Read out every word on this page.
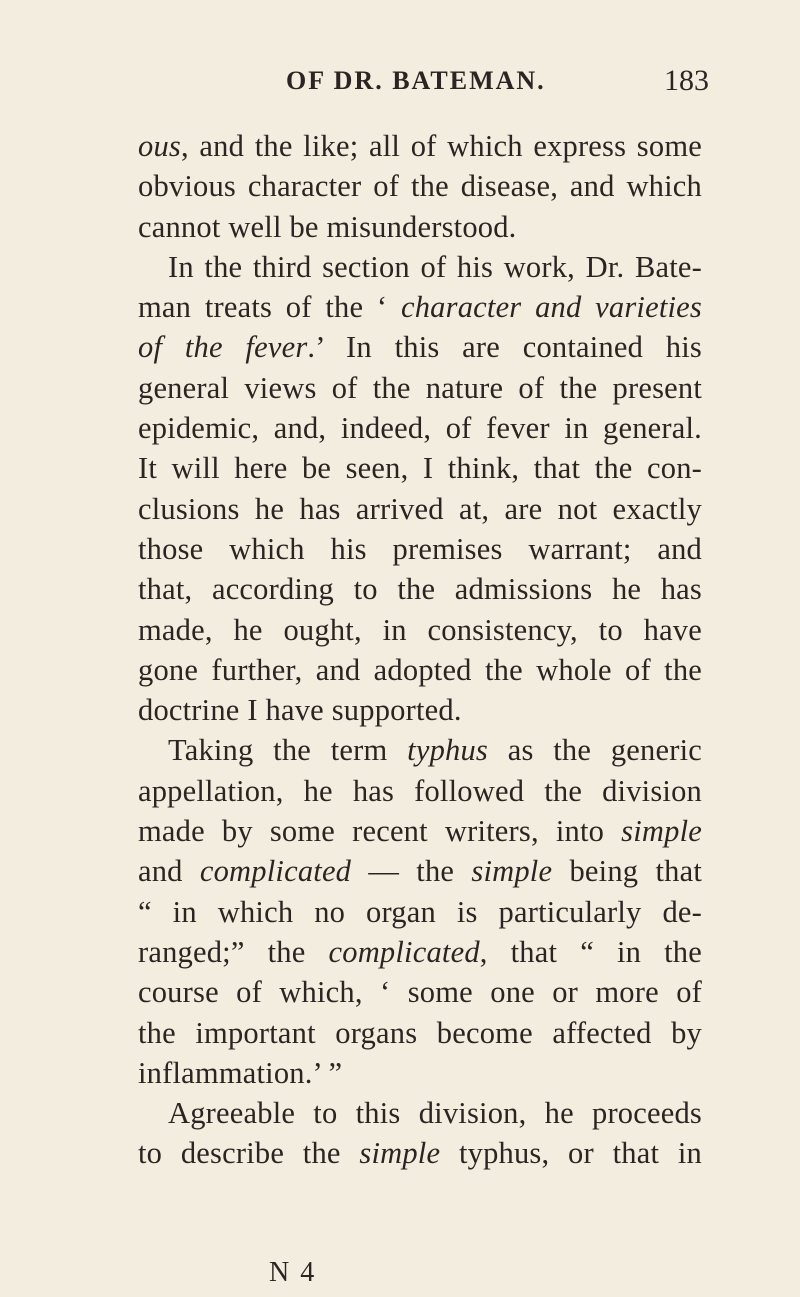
OF DR. BATEMAN.	183
ous, and the like; all of which express some
obvious character of the disease, and which
cannot well be misunderstood.
In the third section of his work, Dr. Bate-
man treats of the ‘ character and varieties
of the fever.’ In this are contained his
general views of the nature of the present
epidemic, and, indeed, of fever in general.
It will here be seen, I think, that the con-
clusions he has arrived at, are not exactly
those which his premises warrant; and
that, according to the admissions he has
made, he ought, in consistency, to have
gone further, and adopted the whole of the
doctrine I have supported.
Taking the term typhus as the generic
appellation, he has followed the division
made by some recent writers, into simple
and complicated — the simple being that
“ in which no organ is particularly de-
ranged;” the complicated, that “ in the
course of which, ‘ some one or more of
the important organs become affected by
inflammation.’ ”
Agreeable to this division, he proceeds
to describe the simple typhus, or that in
N 4
